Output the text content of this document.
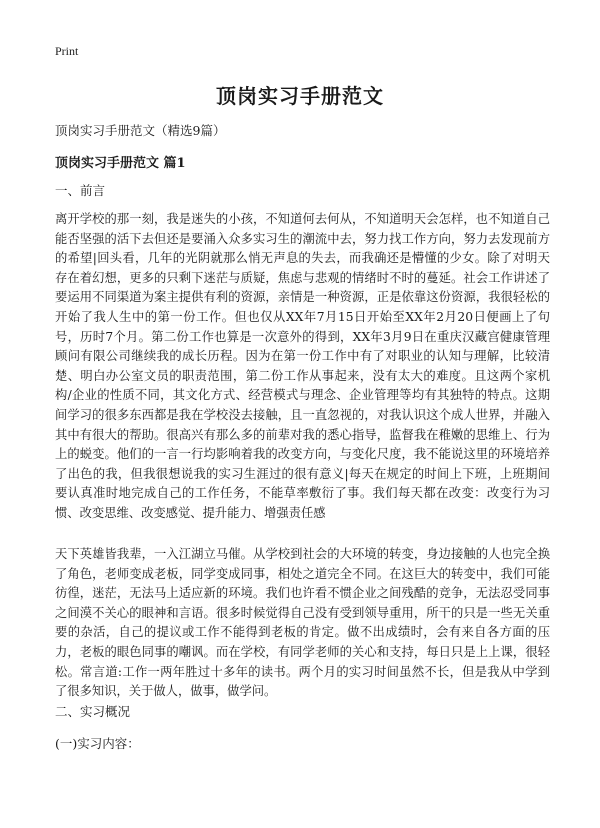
Print
顶岗实习手册范文
顶岗实习手册范文（精选9篇）
顶岗实习手册范文 篇1
一、前言
离开学校的那一刻，我是迷失的小孩，不知道何去何从，不知道明天会怎样，也不知道自己能否坚强的活下去但还是要涌入众多实习生的潮流中去，努力找工作方向，努力去发现前方的希望|回头看，几年的光阴就那么悄无声息的失去，而我确还是懵懂的少女。除了对明天存在着幻想，更多的只剩下迷茫与质疑，焦虑与悲观的情绪时不时的蔓延。社会工作讲述了要运用不同渠道为案主提供有利的资源，亲情是一种资源，正是依靠这份资源，我很轻松的开始了我人生中的第一份工作。但也仅从XX年7月15日开始至XX年2月20日便画上了句号，历时7个月。第二份工作也算是一次意外的得到，XX年3月9日在重庆汉藏宫健康管理顾问有限公司继续我的成长历程。因为在第一份工作中有了对职业的认知与理解，比较清楚、明白办公室文员的职责范围，第二份工作从事起来，没有太大的难度。且这两个家机构/企业的性质不同，其文化方式、经营模式与理念、企业管理等均有其独特的特点。这期间学习的很多东西都是我在学校没去接触，且一直忽视的，对我认识这个成人世界，并融入其中有很大的帮助。很高兴有那么多的前辈对我的悉心指导，监督我在稚嫩的思维上、行为上的蜕变。他们的一言一行均影响着我的改变方向，与变化尺度，我不能说这里的环境培养了出色的我，但我很想说我的实习生涯过的很有意义|每天在规定的时间上下班，上班期间要认真准时地完成自己的工作任务，不能草率敷衍了事。我们每天都在改变：改变行为习惯、改变思维、改变感觉、提升能力、增强责任感
天下英雄皆我辈，一入江湖立马催。从学校到社会的大环境的转变，身边接触的人也完全换了角色，老师变成老板，同学变成同事，相处之道完全不同。在这巨大的转变中，我们可能彷徨，迷茫，无法马上适应新的环境。我们也许看不惯企业之间残酷的竞争，无法忍受同事之间漠不关心的眼神和言语。很多时候觉得自己没有受到领导重用，所干的只是一些无关重要的杂活，自己的提议或工作不能得到老板的肯定。做不出成绩时，会有来自各方面的压力，老板的眼色同事的嘲讽。而在学校，有同学老师的关心和支持，每日只是上上课，很轻松。常言道:工作一两年胜过十多年的读书。两个月的实习时间虽然不长，但是我从中学到了很多知识，关于做人，做事，做学问。
二、实习概况
(一)实习内容：
